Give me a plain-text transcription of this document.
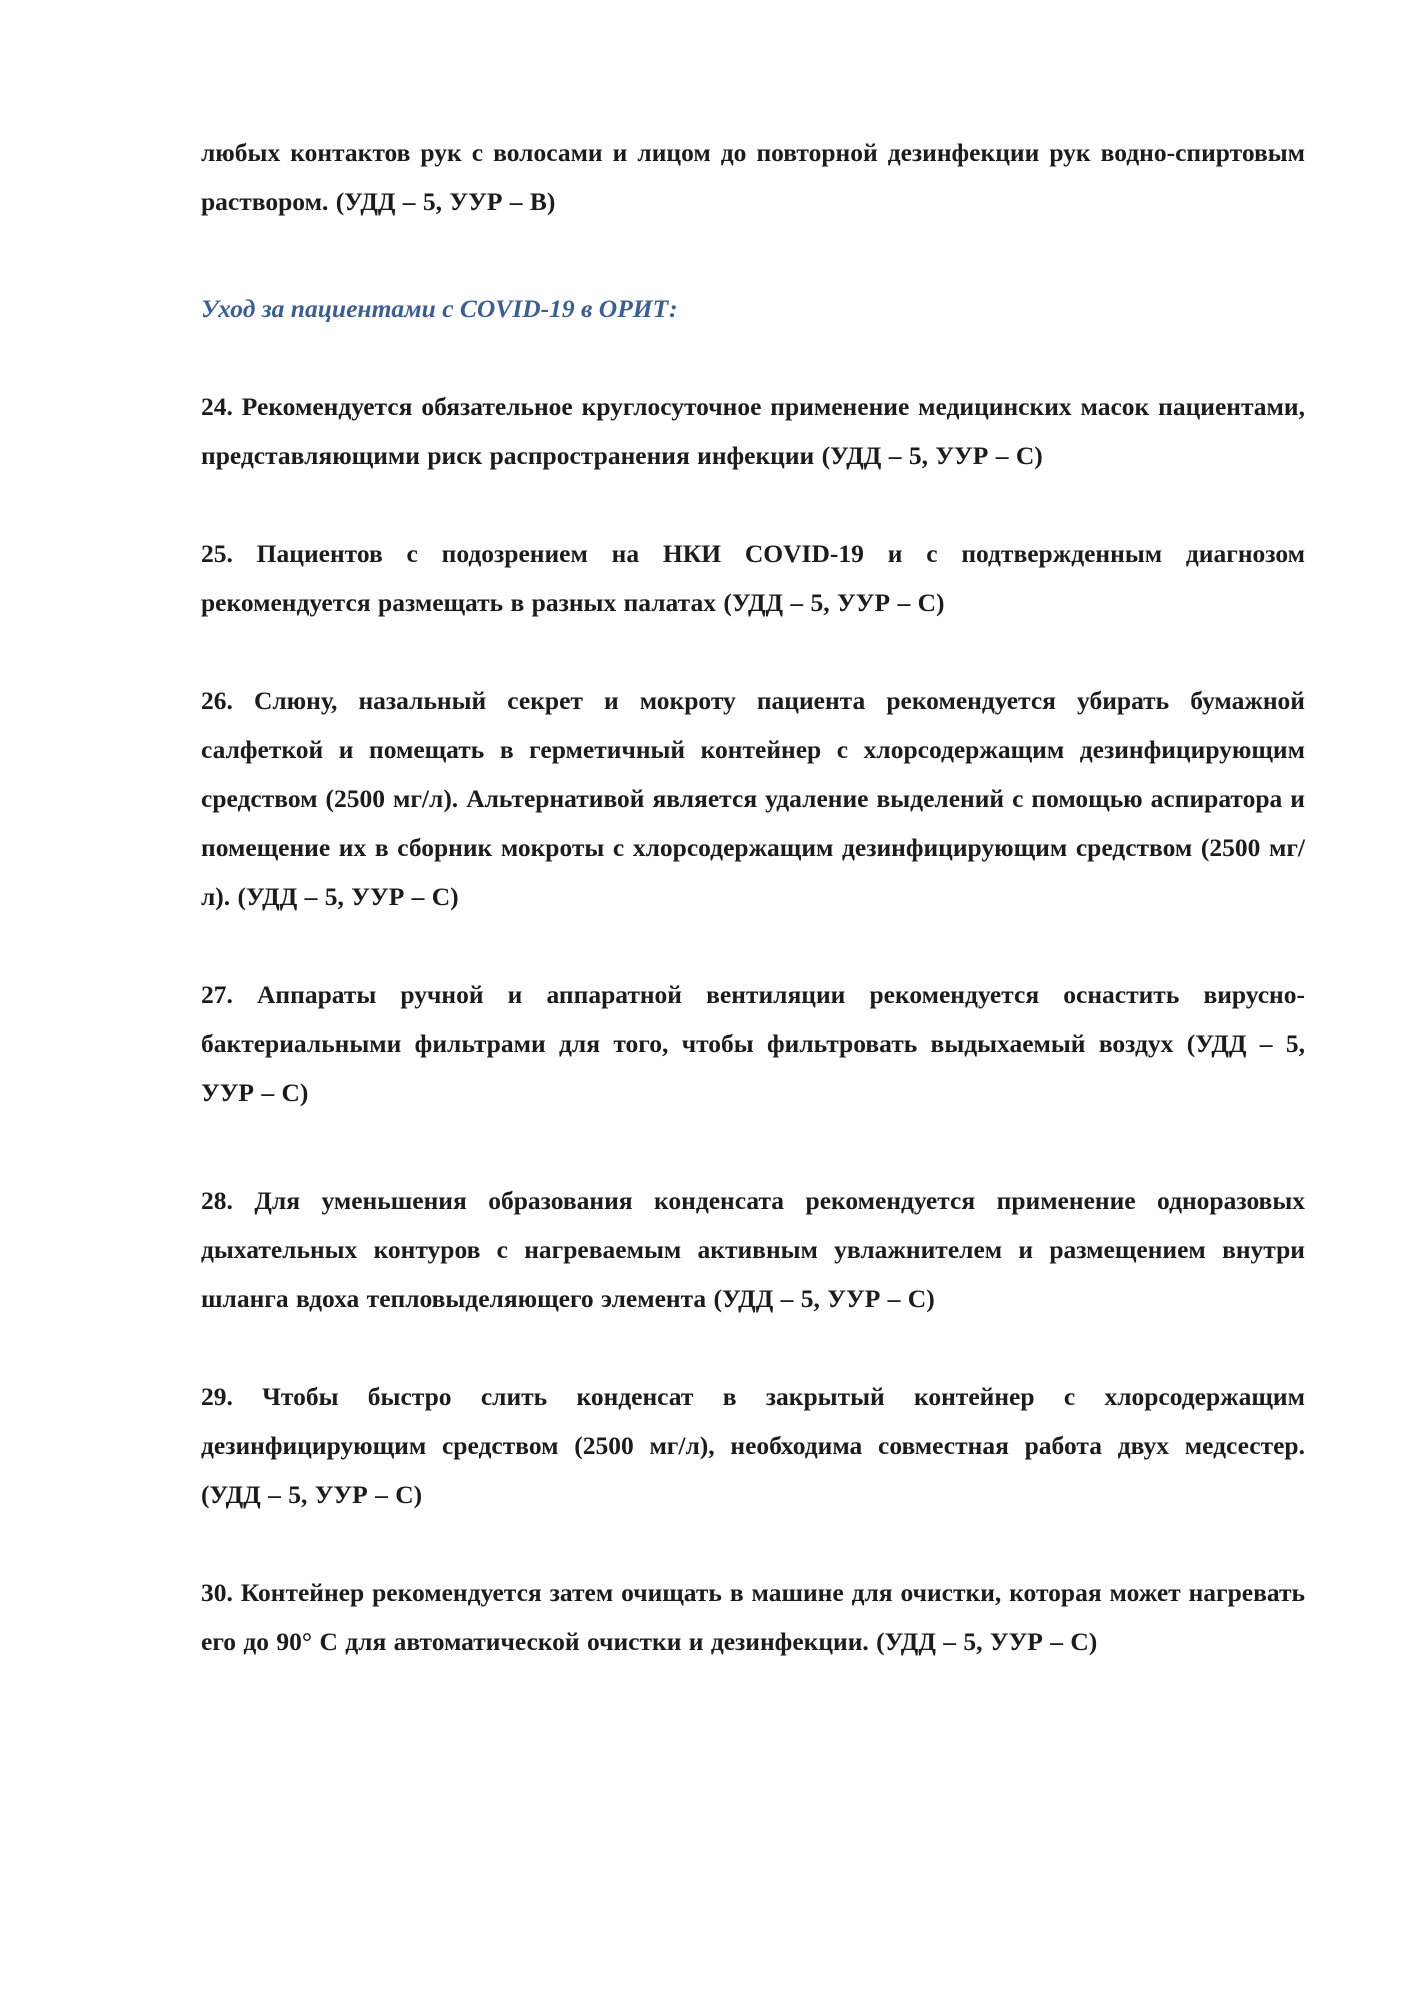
любых контактов рук с волосами и лицом до повторной дезинфекции рук водно-спиртовым раствором. (УДД – 5, УУР – В)

Уход за пациентами с COVID-19 в ОРИТ:

24. Рекомендуется обязательное круглосуточное применение медицинских масок пациентами, представляющими риск распространения инфекции (УДД – 5, УУР – С)

25. Пациентов с подозрением на НКИ COVID-19 и с подтвержденным диагнозом рекомендуется размещать в разных палатах (УДД – 5, УУР – С)

26. Слюну, назальный секрет и мокроту пациента рекомендуется убирать бумажной салфеткой и помещать в герметичный контейнер с хлорсодержащим дезинфицирующим средством (2500 мг/л). Альтернативой является удаление выделений с помощью аспиратора и помещение их в сборник мокроты с хлорсодержащим дезинфицирующим средством (2500 мг/л). (УДД – 5, УУР – С)

27. Аппараты ручной и аппаратной вентиляции рекомендуется оснастить вирусно-бактериальными фильтрами для того, чтобы фильтровать выдыхаемый воздух (УДД – 5, УУР – С)

28. Для уменьшения образования конденсата рекомендуется применение одноразовых дыхательных контуров с нагреваемым активным увлажнителем и размещением внутри шланга вдоха тепловыделяющего элемента (УДД – 5, УУР – С)

29. Чтобы быстро слить конденсат в закрытый контейнер с хлорсодержащим дезинфицирующим средством (2500 мг/л), необходима совместная работа двух медсестер. (УДД – 5, УУР – С)

30. Контейнер рекомендуется затем очищать в машине для очистки, которая может нагревать его до 90° С для автоматической очистки и дезинфекции. (УДД – 5, УУР – С)
